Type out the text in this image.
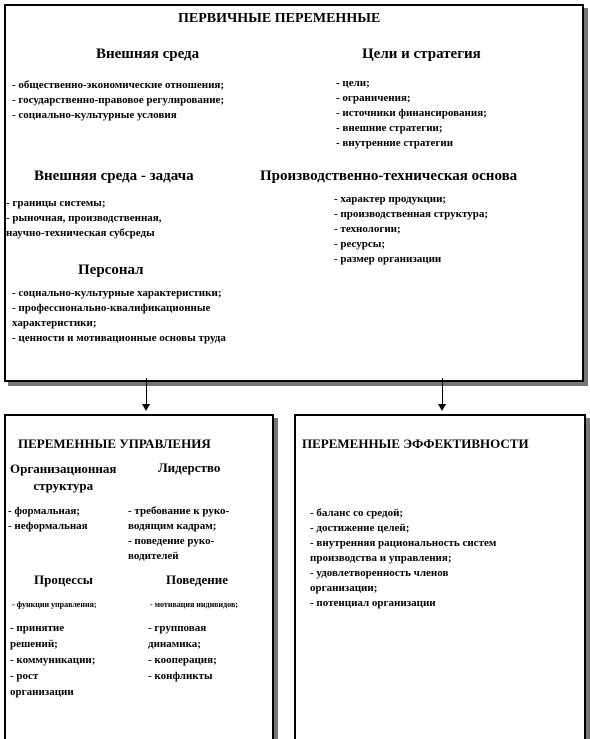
ПЕРВИЧНЫЕ ПЕРЕМЕННЫЕ
Внешняя среда
- общественно-экономические отношения;
- государственно-правовое регулирование;
- социально-культурные условия
Цели и стратегия
- цели;
- ограничения;
- источники финансирования;
- внешние стратегии;
- внутренние стратегии
Внешняя среда - задача
- границы системы;
- рыночная, производственная,
научно-техническая субсреды
Производственно-техническая основа
- характер продукции;
- производственная структура;
- технологии;
- ресурсы;
- размер организации
Персонал
- социально-культурные характеристики;
- профессионально-квалификационные
характеристики;
- ценности и мотивационные основы труда
ПЕРЕМЕННЫЕ УПРАВЛЕНИЯ
Организационная
структура
- формальная;
- неформальная
Лидерство
- требование к руко-
водящим кадрам;
- поведение руко-
водителей
Процессы
- функции управления;
- принятие
решений;
- коммуникации;
- рост
организации
Поведение
- мотивация индивидов;
- групповая
динамика;
- кооперация;
- конфликты
ПЕРЕМЕННЫЕ ЭФФЕКТИВНОСТИ
- баланс со средой;
- достижение целей;
- внутренняя рациональность систем
производства и управления;
- удовлетворенность членов
организации;
- потенциал организации
